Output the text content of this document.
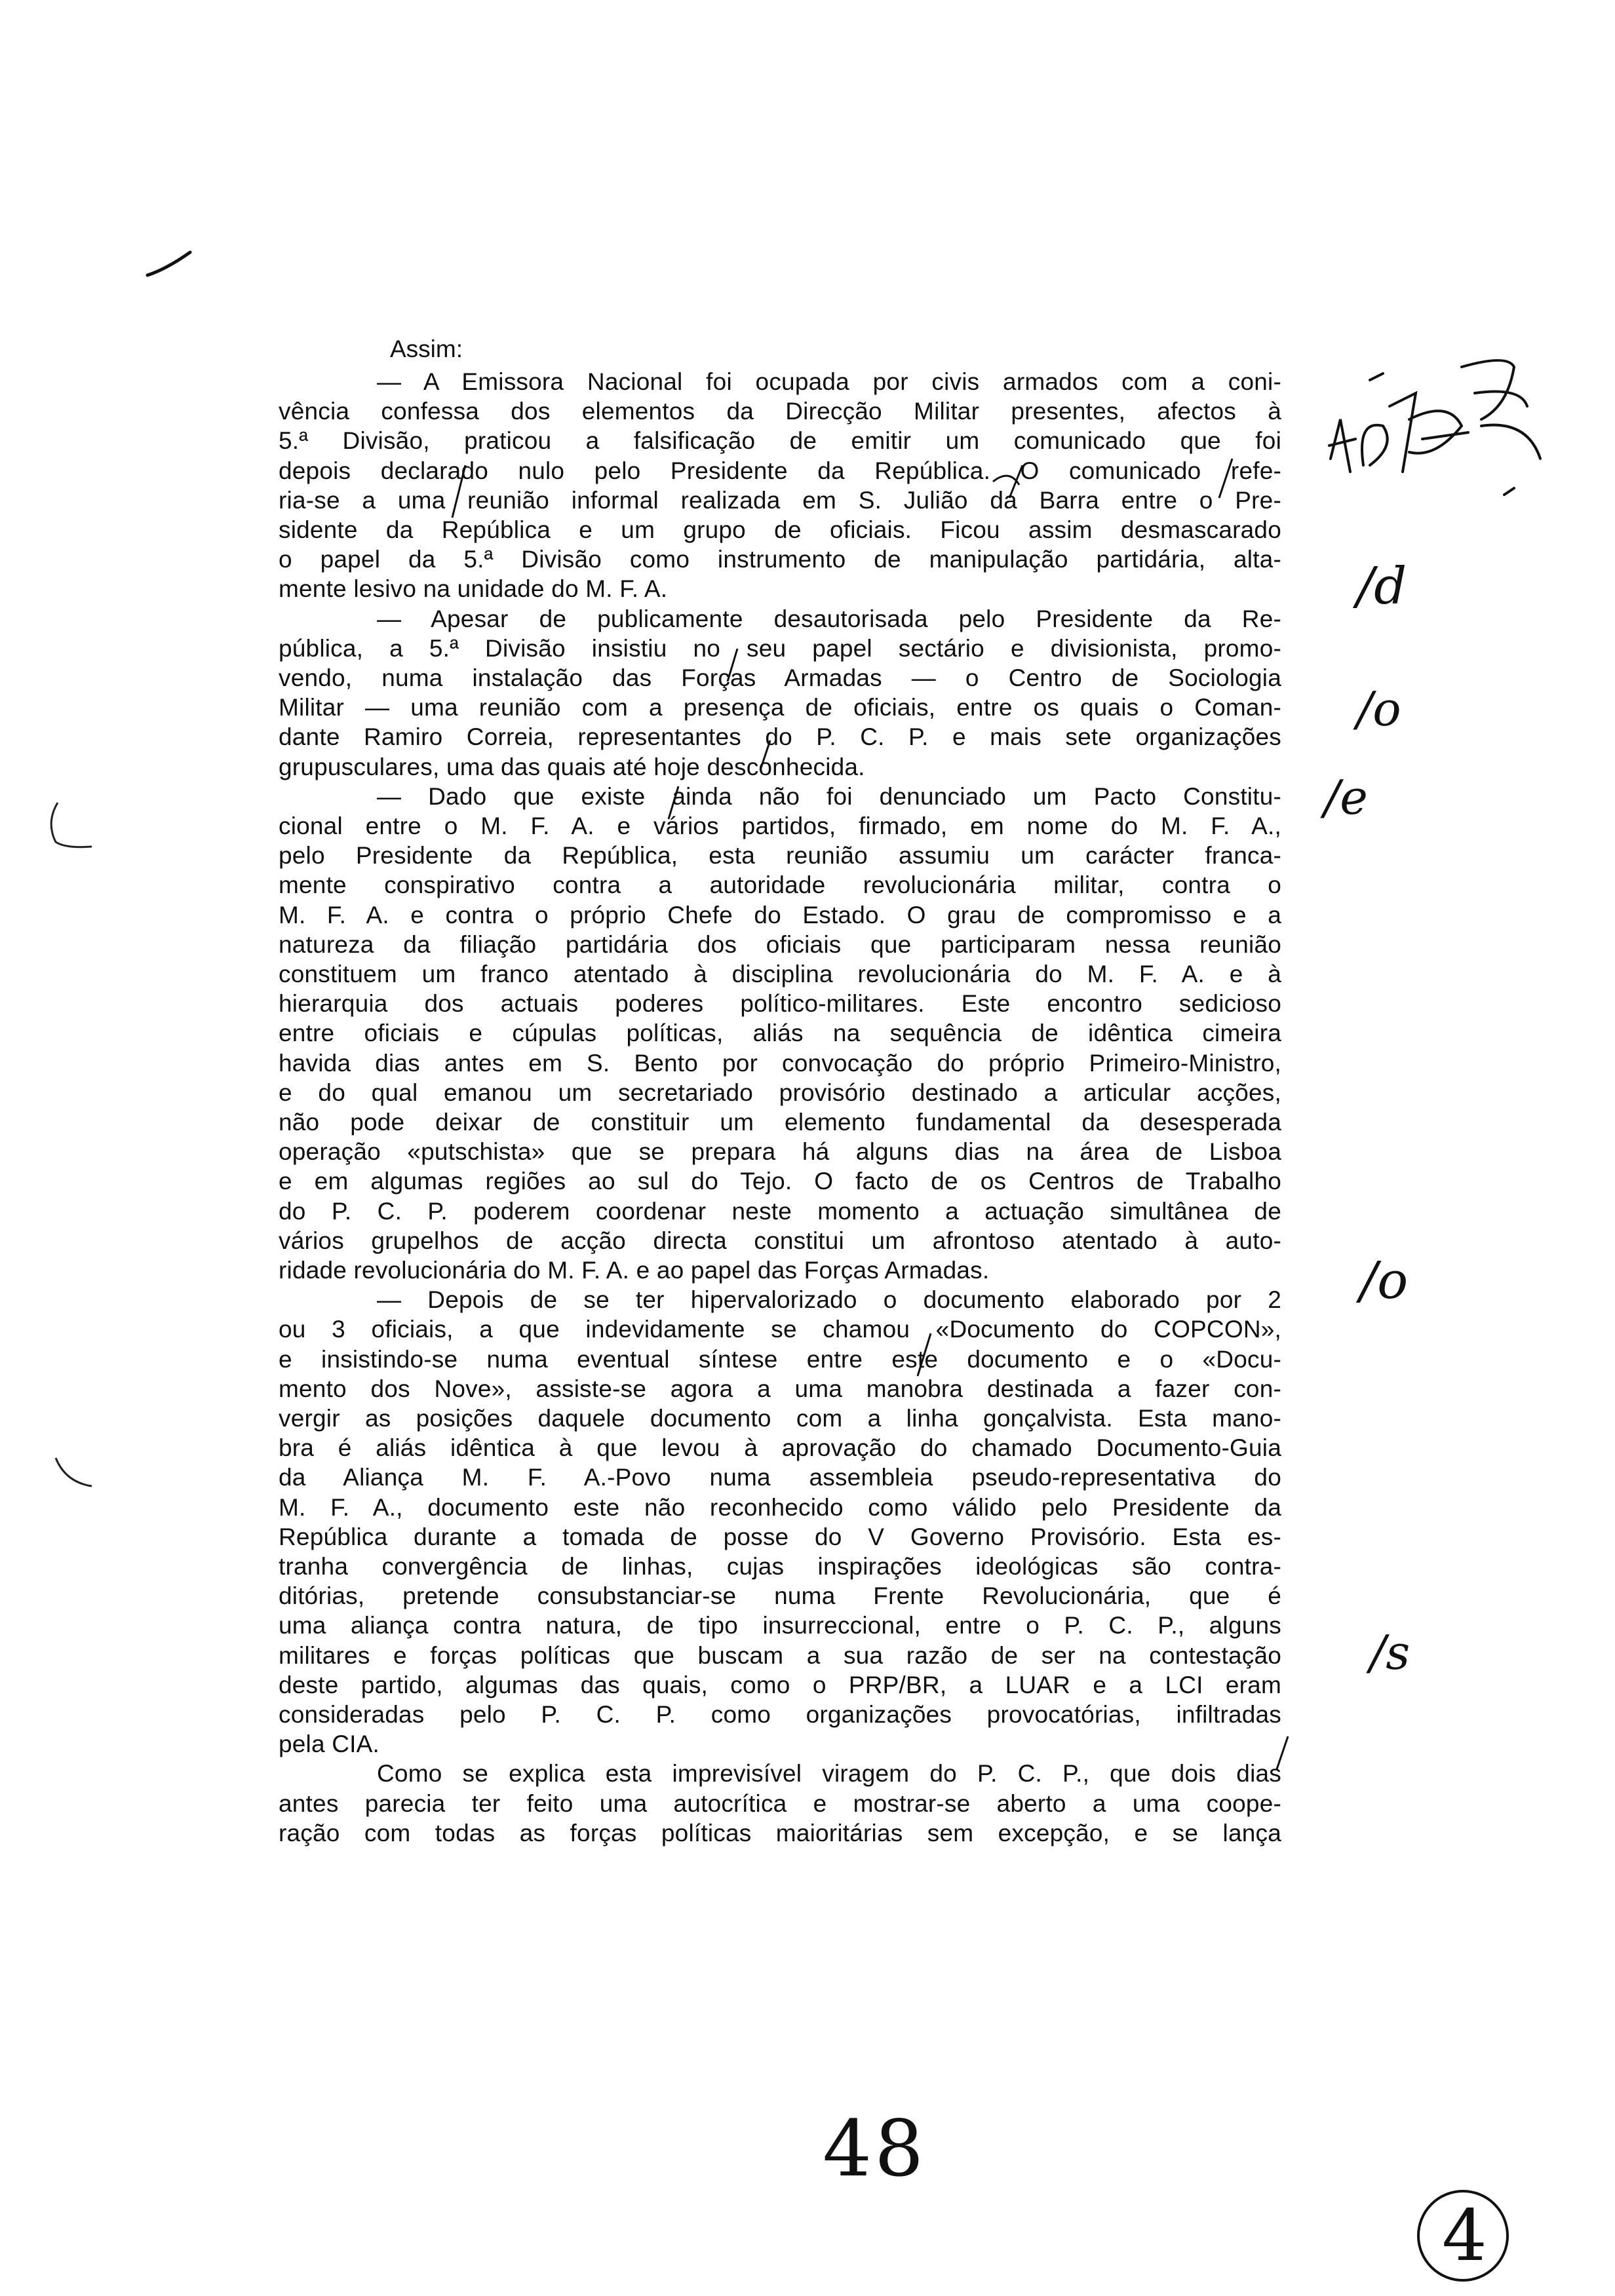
Assim:
— A Emissora Nacional foi ocupada por civis armados com a coni-
vência confessa dos elementos da Direcção Militar presentes, afectos à
5.ª Divisão, praticou a falsificação de emitir um comunicado que foi
depois declarado nulo pelo Presidente da República. O comunicado refe-
ria-se a uma reunião informal realizada em S. Julião da Barra entre o Pre-
sidente da República e um grupo de oficiais. Ficou assim desmascarado
o papel da 5.ª Divisão como instrumento de manipulação partidária, alta-
mente lesivo na unidade do M. F. A.
— Apesar de publicamente desautorisada pelo Presidente da Re-
pública, a 5.ª Divisão insistiu no seu papel sectário e divisionista, promo-
vendo, numa instalação das Forças Armadas — o Centro de Sociologia
Militar — uma reunião com a presença de oficiais, entre os quais o Coman-
dante Ramiro Correia, representantes do P. C. P. e mais sete organizações
grupusculares, uma das quais até hoje desconhecida.
— Dado que existe ainda não foi denunciado um Pacto Constitu-
cional entre o M. F. A. e vários partidos, firmado, em nome do M. F. A.,
pelo Presidente da República, esta reunião assumiu um carácter franca-
mente conspirativo contra a autoridade revolucionária militar, contra o
M. F. A. e contra o próprio Chefe do Estado. O grau de compromisso e a
natureza da filiação partidária dos oficiais que participaram nessa reunião
constituem um franco atentado à disciplina revolucionária do M. F. A. e à
hierarquia dos actuais poderes político-militares. Este encontro sedicioso
entre oficiais e cúpulas políticas, aliás na sequência de idêntica cimeira
havida dias antes em S. Bento por convocação do próprio Primeiro-Ministro,
e do qual emanou um secretariado provisório destinado a articular acções,
não pode deixar de constituir um elemento fundamental da desesperada
operação «putschista» que se prepara há alguns dias na área de Lisboa
e em algumas regiões ao sul do Tejo. O facto de os Centros de Trabalho
do P. C. P. poderem coordenar neste momento a actuação simultânea de
vários grupelhos de acção directa constitui um afrontoso atentado à auto-
ridade revolucionária do M. F. A. e ao papel das Forças Armadas.
— Depois de se ter hipervalorizado o documento elaborado por 2
ou 3 oficiais, a que indevidamente se chamou «Documento do COPCON»,
e insistindo-se numa eventual síntese entre este documento e o «Docu-
mento dos Nove», assiste-se agora a uma manobra destinada a fazer con-
vergir as posições daquele documento com a linha gonçalvista. Esta mano-
bra é aliás idêntica à que levou à aprovação do chamado Documento-Guia
da Aliança M. F. A.-Povo numa assembleia pseudo-representativa do
M. F. A., documento este não reconhecido como válido pelo Presidente da
República durante a tomada de posse do V Governo Provisório. Esta es-
tranha convergência de linhas, cujas inspirações ideológicas são contra-
ditórias, pretende consubstanciar-se numa Frente Revolucionária, que é
uma aliança contra natura, de tipo insurreccional, entre o P. C. P., alguns
militares e forças políticas que buscam a sua razão de ser na contestação
deste partido, algumas das quais, como o PRP/BR, a LUAR e a LCI eram
consideradas pelo P. C. P. como organizações provocatórias, infiltradas
pela CIA.
Como se explica esta imprevisível viragem do P. C. P., que dois dias
antes parecia ter feito uma autocrítica e mostrar-se aberto a uma coope-
ração com todas as forças políticas maioritárias sem excepção, e se lança
/d
/o
/e
/o
/s
48
4
